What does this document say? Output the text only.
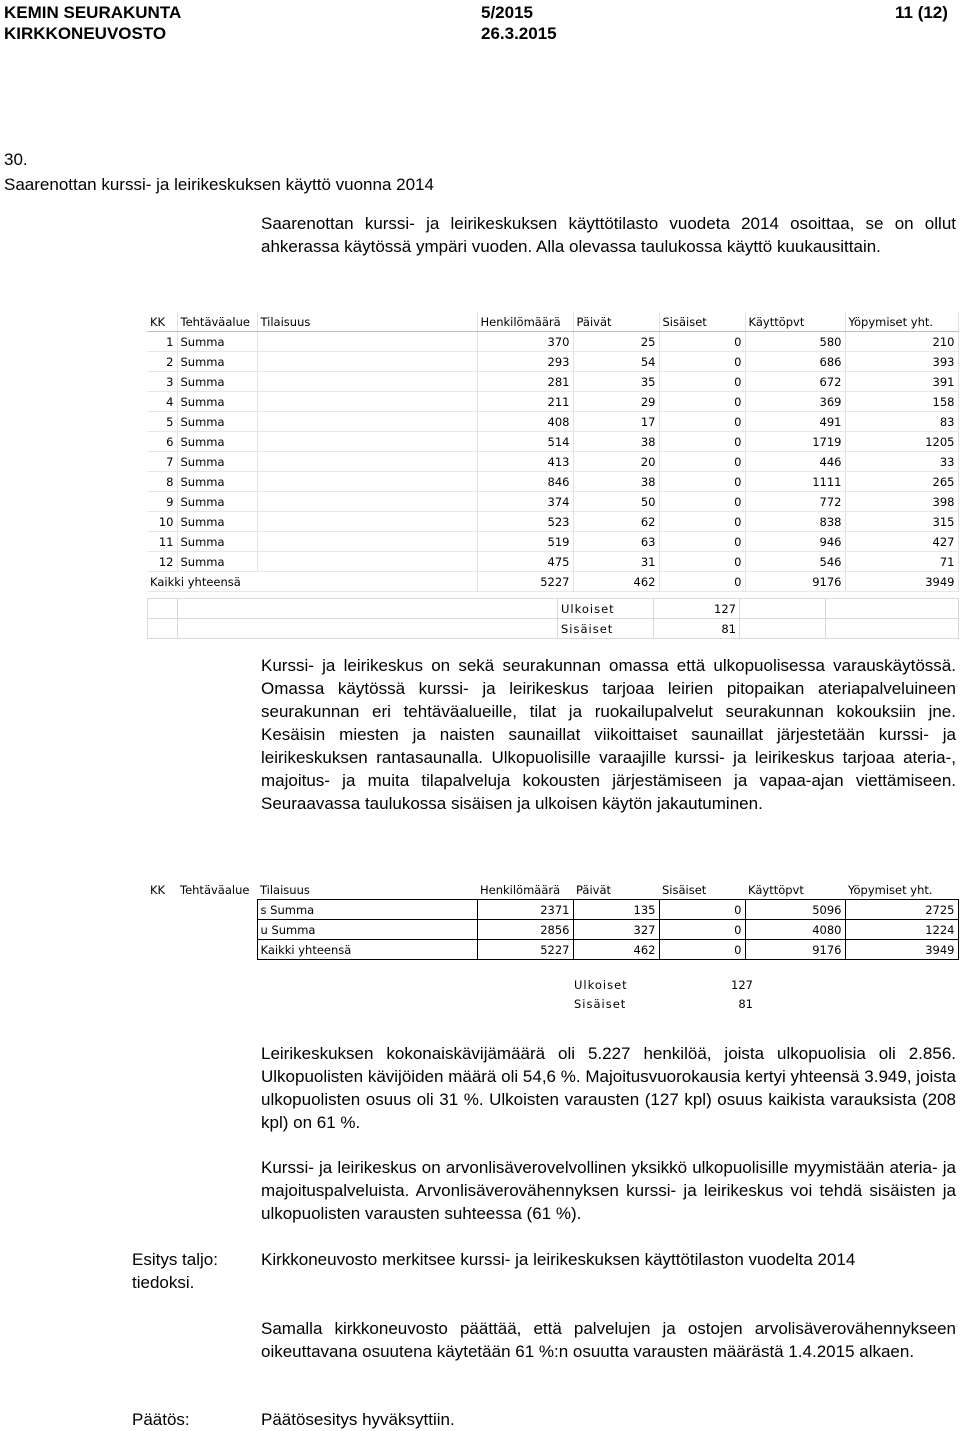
KEMIN SEURAKUNTA
KIRKKONEUVOSTO
5/2015
26.3.2015
11 (12)
30.
Saarenottan kurssi- ja leirikeskuksen käyttö vuonna 2014

Saarenottan kurssi- ja leirikeskuksen käyttötilasto vuodeta 2014 osoittaa, se on ollut ahkerassa käytössä ympäri vuoden. Alla olevassa taulukossa käyttö kuukausittain.

KK	Tehtäväalue	Tilaisuus	Henkilömäärä	Päivät	Sisäiset	Käyttöpvt	Yöpymiset yht.
1	Summa		370	25	0	580	210
2	Summa		293	54	0	686	393
3	Summa		281	35	0	672	391
4	Summa		211	29	0	369	158
5	Summa		408	17	0	491	83
6	Summa		514	38	0	1719	1205
7	Summa		413	20	0	446	33
8	Summa		846	38	0	1111	265
9	Summa		374	50	0	772	398
10	Summa		523	62	0	838	315
11	Summa		519	63	0	946	427
12	Summa		475	31	0	546	71
Kaikki yhteensä			5227	462	0	9176	3949
		Ulkoiset	127		
		Sisäiset	81		

Kurssi- ja leirikeskus on sekä seurakunnan omassa että ulkopuolisessa varauskäytössä. Omassa käytössä kurssi- ja leirikeskus tarjoaa leirien pitopaikan ateriapalveluineen seurakunnan eri tehtäväalueille, tilat ja ruokailupalvelut seurakunnan kokouksiin jne. Kesäisin miesten ja naisten saunaillat viikoittaiset saunaillat järjestetään kurssi- ja leirikeskuksen rantasaunalla. Ulkopuolisille varaajille kurssi- ja leirikeskus tarjoaa ateria-, majoitus- ja muita tilapalveluja kokousten järjestämiseen ja vapaa-ajan viettämiseen. Seuraavassa taulukossa sisäisen ja ulkoisen käytön jakautuminen.

KK	Tehtäväalue	Tilaisuus	Henkilömäärä	Päivät	Sisäiset	Käyttöpvt	Yöpymiset yht.
		s Summa	2371	135	0	5096	2725
		u Summa	2856	327	0	4080	1224
		Kaikki yhteensä	5227	462	0	9176	3949
Ulkoiset	127
Sisäiset	81

Leirikeskuksen kokonaiskävijämäärä oli 5.227 henkilöä, joista ulkopuolisia oli 2.856. Ulkopuolisten kävijöiden määrä oli 54,6 %. Majoitusvuorokausia kertyi yhteensä 3.949, joista ulkopuolisten osuus oli 31 %. Ulkoisten varausten (127 kpl) osuus kaikista varauksista (208 kpl) on 61 %.

Kurssi- ja leirikeskus on arvonlisäverovelvollinen yksikkö ulkopuolisille myymistään ateria- ja majoituspalveluista. Arvonlisäverovähennyksen kurssi- ja leirikeskus voi tehdä sisäisten ja ulkopuolisten varausten suhteessa (61 %).

Esitys taljo: tiedoksi.

Kirkkoneuvosto merkitsee kurssi- ja leirikeskuksen käyttötilaston vuodelta 2014

Samalla kirkkoneuvosto päättää, että palvelujen ja ostojen arvolisäverovähennykseen oikeuttavana osuutena käytetään 61 %:n osuutta varausten määrästä 1.4.2015 alkaen.

Päätös:	Päätösesitys hyväksyttiin.
